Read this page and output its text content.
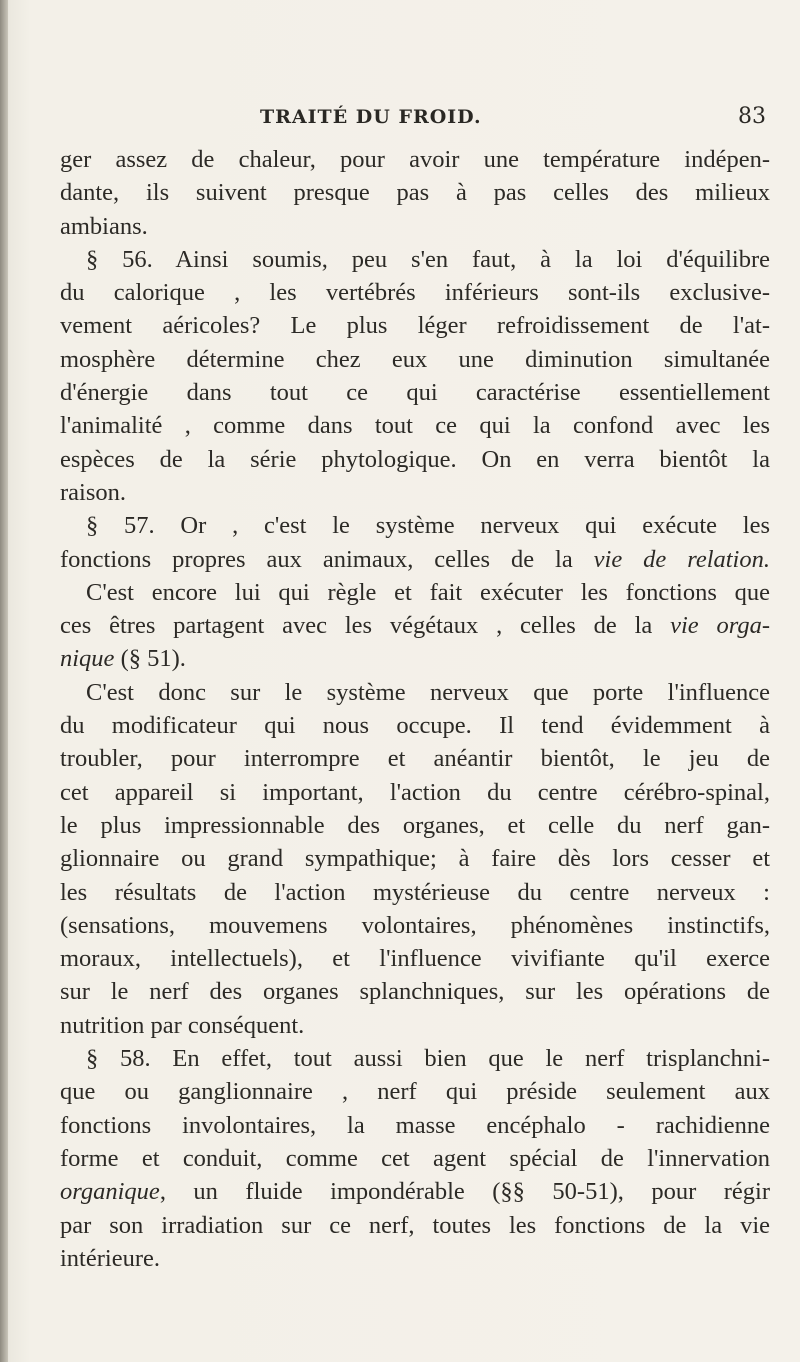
TRAITÉ DU FROID.	83
ger assez de chaleur, pour avoir une température indépen-
dante, ils suivent presque pas à pas celles des milieux
ambians.
§ 56. Ainsi soumis, peu s'en faut, à la loi d'équilibre
du calorique , les vertébrés inférieurs sont-ils exclusive-
vement aéricoles? Le plus léger refroidissement de l'at-
mosphère détermine chez eux une diminution simultanée
d'énergie dans tout ce qui caractérise essentiellement
l'animalité , comme dans tout ce qui la confond avec les
espèces de la série phytologique. On en verra bientôt la
raison.
§ 57. Or , c'est le système nerveux qui exécute les
fonctions propres aux animaux, celles de la vie de relation.
C'est encore lui qui règle et fait exécuter les fonctions que
ces êtres partagent avec les végétaux , celles de la vie orga-
nique (§ 51).
C'est donc sur le système nerveux que porte l'influence
du modificateur qui nous occupe. Il tend évidemment à
troubler, pour interrompre et anéantir bientôt, le jeu de
cet appareil si important, l'action du centre cérébro-spinal,
le plus impressionnable des organes, et celle du nerf gan-
glionnaire ou grand sympathique; à faire dès lors cesser et
les résultats de l'action mystérieuse du centre nerveux :
(sensations, mouvemens volontaires, phénomènes instinctifs,
moraux, intellectuels), et l'influence vivifiante qu'il exerce
sur le nerf des organes splanchniques, sur les opérations de
nutrition par conséquent.
§ 58. En effet, tout aussi bien que le nerf trisplanchni-
que ou ganglionnaire , nerf qui préside seulement aux
fonctions involontaires, la masse encéphalo - rachidienne
forme et conduit, comme cet agent spécial de l'innervation
organique, un fluide impondérable (§§ 50-51), pour régir
par son irradiation sur ce nerf, toutes les fonctions de la vie
intérieure.
